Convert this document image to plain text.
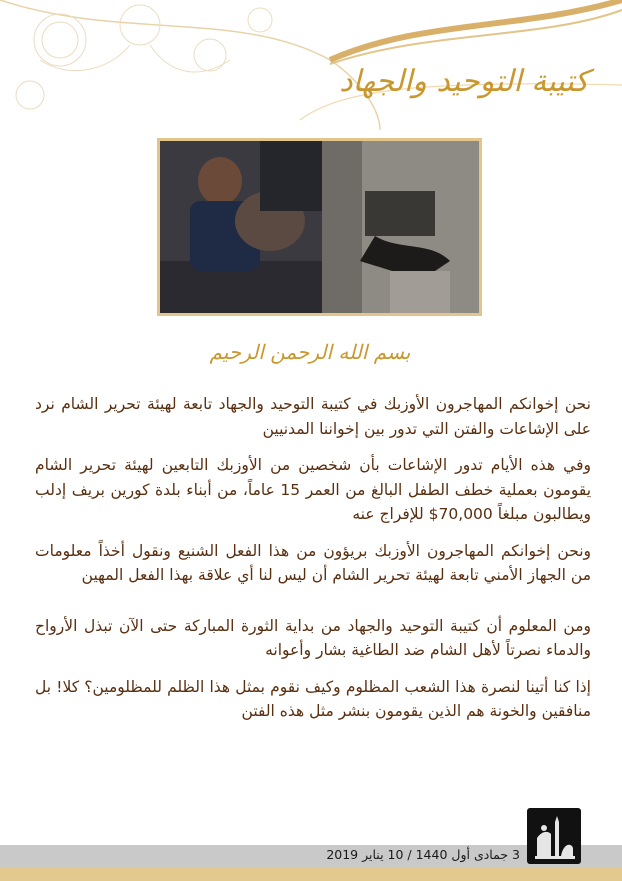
كتيبة التوحيد والجهاد
بسم الله الرحمن الرحيم

نحن إخوانكم المهاجرون الأوزبك في كتيبة التوحيد والجهاد تابعة لهيئة تحرير الشام نرد على الإشاعات والفتن التي تدور بين إخواننا المدنيين

وفي هذه الأيام تدور الإشاعات بأن شخصين من الأوزبك التابعين لهيئة تحرير الشام يقومون بعملية خطف الطفل البالغ من العمر 15 عاماً، من أبناء بلدة كورين بريف إدلب ويطالبون مبلغاً 70,000$ للإفراج عنه

ونحن إخوانكم المهاجرون الأوزبك بريؤون من هذا الفعل الشنيع ونقول أخذاً معلومات من الجهاز الأمني تابعة لهيئة تحرير الشام أن ليس لنا أي علاقة بهذا الفعل المهين

ومن المعلوم أن كتيبة التوحيد والجهاد من بداية الثورة المباركة حتى الآن تبذل الأرواح والدماء نصرتاً لأهل الشام ضد الطاغية بشار وأعوانه

إذا كنا أتينا لنصرة هذا الشعب المظلوم وكيف نقوم بمثل هذا الظلم للمظلومين؟ كلا! بل منافقين والخونة هم الذين يقومون بنشر مثل هذه الفتن

3 جمادى أول 1440 / 10 يناير 2019
